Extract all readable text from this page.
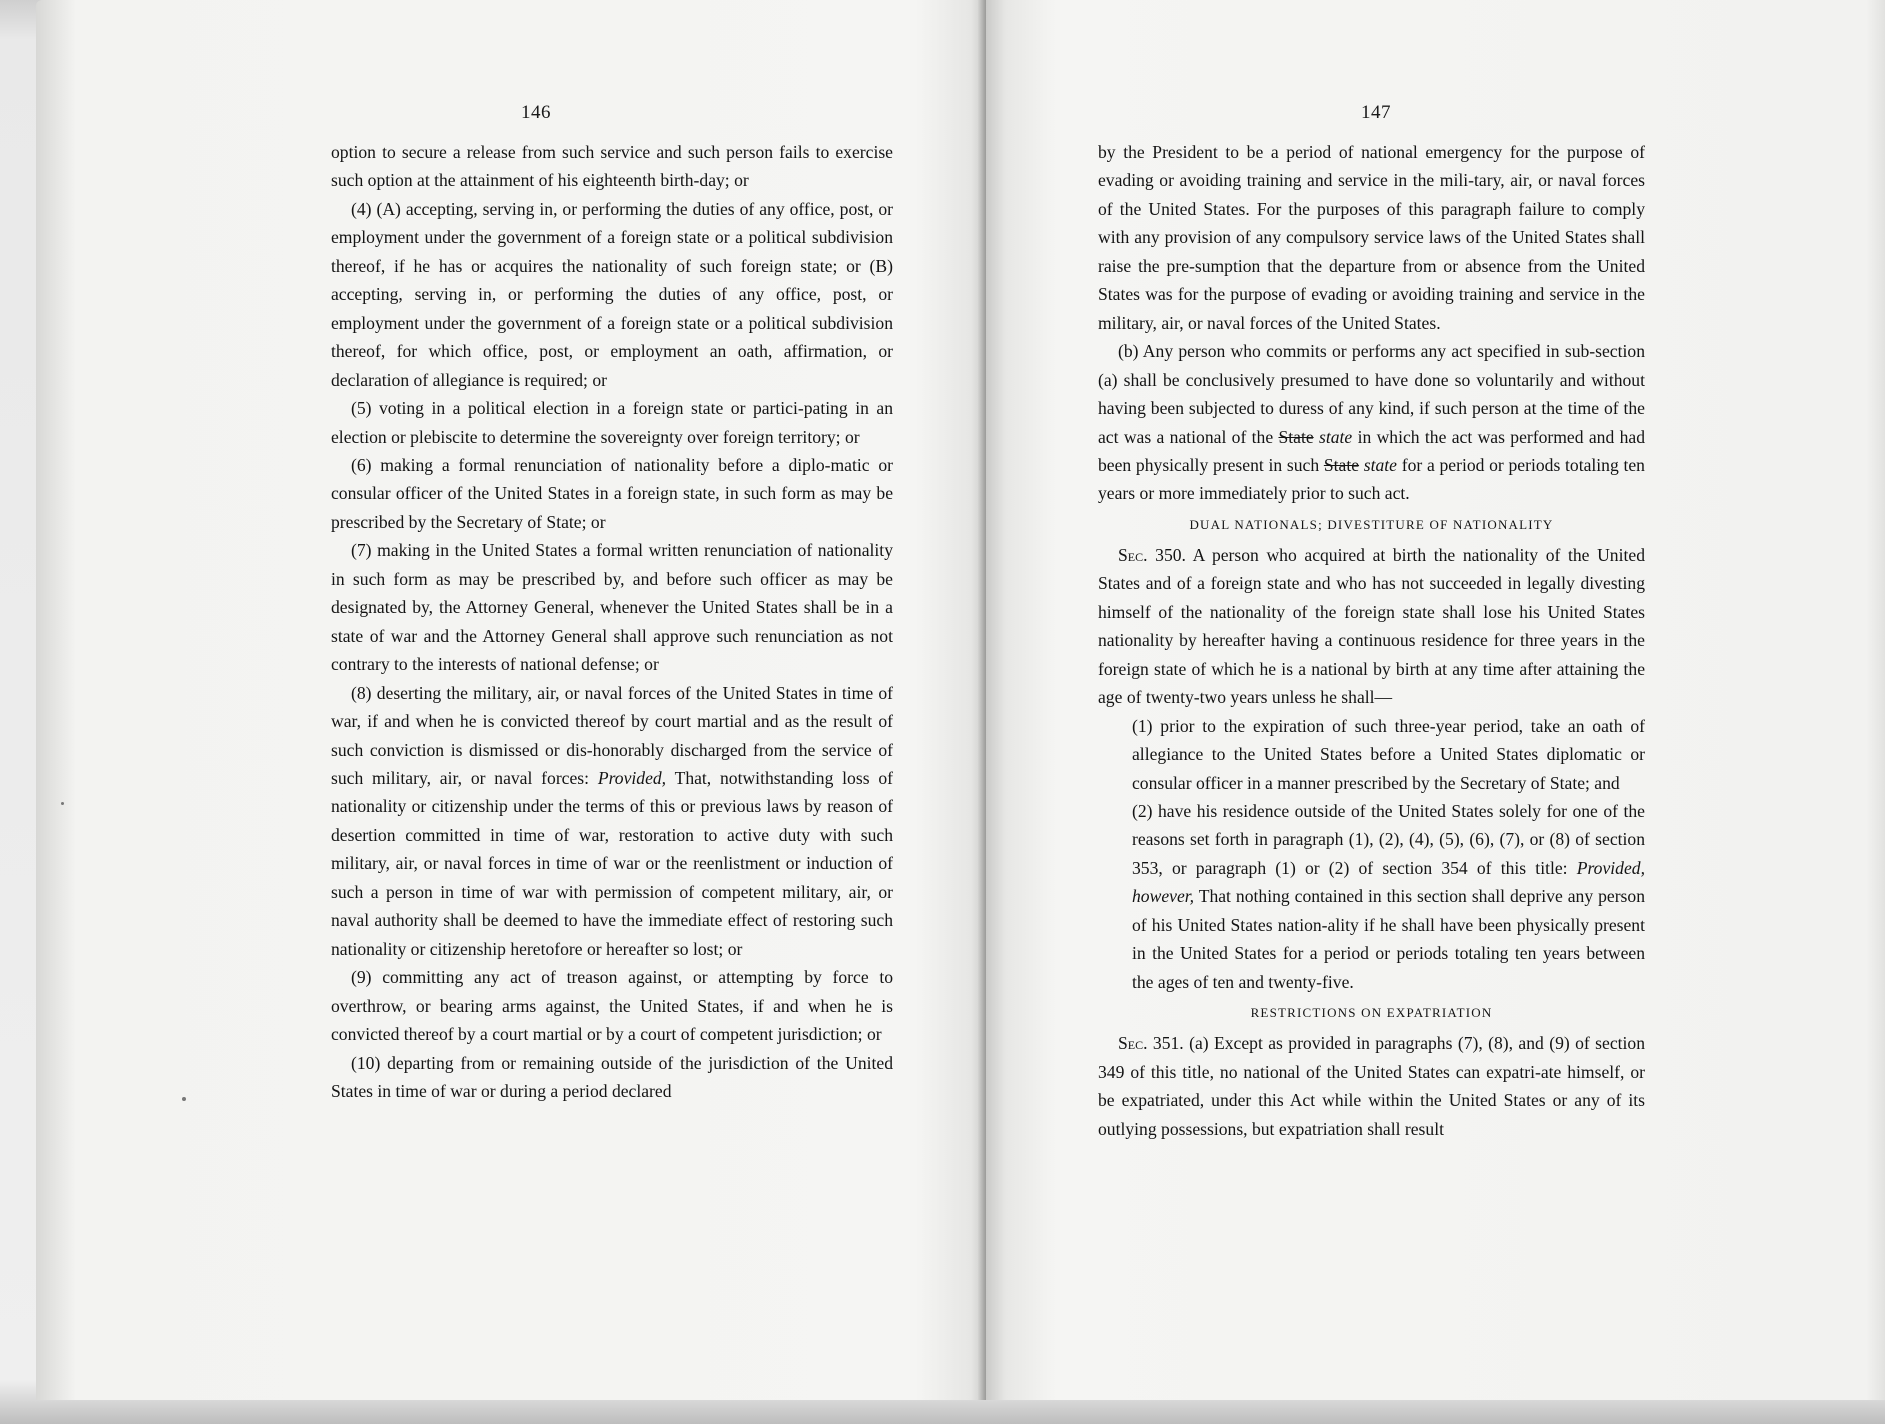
146

option to secure a release from such service and such person fails to exercise such option at the attainment of his eighteenth birth-day; or

(4) (A) accepting, serving in, or performing the duties of any office, post, or employment under the government of a foreign state or a political subdivision thereof, if he has or acquires the nationality of such foreign state; or (B) accepting, serving in, or performing the duties of any office, post, or employment under the government of a foreign state or a political subdivision thereof, for which office, post, or employment an oath, affirmation, or declaration of allegiance is required; or

(5) voting in a political election in a foreign state or partici-pating in an election or plebiscite to determine the sovereignty over foreign territory; or

(6) making a formal renunciation of nationality before a diplo-matic or consular officer of the United States in a foreign state, in such form as may be prescribed by the Secretary of State; or

(7) making in the United States a formal written renunciation of nationality in such form as may be prescribed by, and before such officer as may be designated by, the Attorney General, whenever the United States shall be in a state of war and the Attorney General shall approve such renunciation as not contrary to the interests of national defense; or

(8) deserting the military, air, or naval forces of the United States in time of war, if and when he is convicted thereof by court martial and as the result of such conviction is dismissed or dis-honorably discharged from the service of such military, air, or naval forces: Provided, That, notwithstanding loss of nationality or citizenship under the terms of this or previous laws by reason of desertion committed in time of war, restoration to active duty with such military, air, or naval forces in time of war or the reenlistment or induction of such a person in time of war with permission of competent military, air, or naval authority shall be deemed to have the immediate effect of restoring such nationality or citizenship heretofore or hereafter so lost; or

(9) committing any act of treason against, or attempting by force to overthrow, or bearing arms against, the United States, if and when he is convicted thereof by a court martial or by a court of competent jurisdiction; or

(10) departing from or remaining outside of the jurisdiction of the United States in time of war or during a period declared

147

by the President to be a period of national emergency for the purpose of evading or avoiding training and service in the mili-tary, air, or naval forces of the United States. For the purposes of this paragraph failure to comply with any provision of any compulsory service laws of the United States shall raise the pre-sumption that the departure from or absence from the United States was for the purpose of evading or avoiding training and service in the military, air, or naval forces of the United States.

(b) Any person who commits or performs any act specified in sub-section (a) shall be conclusively presumed to have done so voluntarily and without having been subjected to duress of any kind, if such person at the time of the act was a national of the State state in which the act was performed and had been physically present in such State state for a period or periods totaling ten years or more immediately prior to such act.

DUAL NATIONALS; DIVESTITURE OF NATIONALITY

Sec. 350. A person who acquired at birth the nationality of the United States and of a foreign state and who has not succeeded in legally divesting himself of the nationality of the foreign state shall lose his United States nationality by hereafter having a continuous residence for three years in the foreign state of which he is a national by birth at any time after attaining the age of twenty-two years unless he shall—

(1) prior to the expiration of such three-year period, take an oath of allegiance to the United States before a United States diplomatic or consular officer in a manner prescribed by the Secretary of State; and

(2) have his residence outside of the United States solely for one of the reasons set forth in paragraph (1), (2), (4), (5), (6), (7), or (8) of section 353, or paragraph (1) or (2) of section 354 of this title: Provided, however, That nothing contained in this section shall deprive any person of his United States nation-ality if he shall have been physically present in the United States for a period or periods totaling ten years between the ages of ten and twenty-five.

RESTRICTIONS ON EXPATRIATION

Sec. 351. (a) Except as provided in paragraphs (7), (8), and (9) of section 349 of this title, no national of the United States can expatri-ate himself, or be expatriated, under this Act while within the United States or any of its outlying possessions, but expatriation shall result
